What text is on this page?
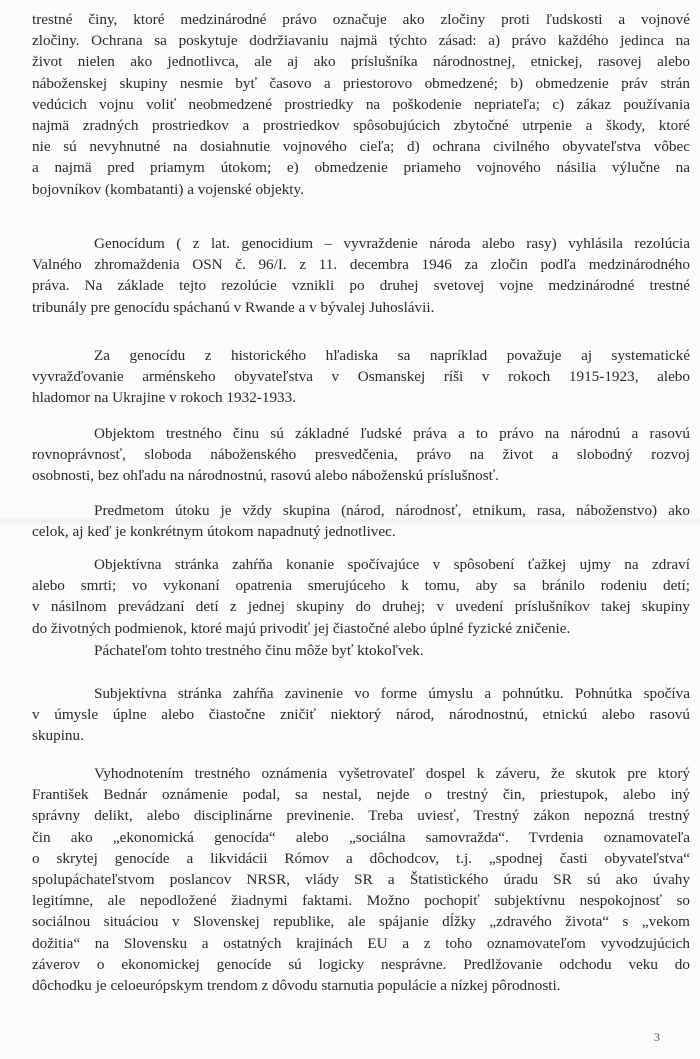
trestné činy, ktoré medzinárodné právo označuje ako zločiny proti ľudskosti a vojnové
zločiny. Ochrana sa poskytuje dodržiavaniu najmä týchto zásad: a) právo každého jedinca na
život nielen ako jednotlivca, ale aj ako príslušníka národnostnej, etnickej, rasovej alebo
náboženskej skupiny nesmie byť časovo a priestorovo obmedzené; b) obmedzenie práv strán
vedúcich vojnu voliť neobmedzené prostriedky na poškodenie nepriateľa; c) zákaz používania
najmä zradných prostriedkov a prostriedkov spôsobujúcich zbytočné utrpenie a škody, ktoré
nie sú nevyhnutné na dosiahnutie vojnového cieľa; d) ochrana civilného obyvateľstva vôbec
a najmä pred priamym útokom; e) obmedzenie priameho vojnového násilia výlučne na
bojovníkov (kombatanti) a vojenské objekty.
Genocídum ( z lat. genocidium – vyvraždenie národa alebo rasy) vyhlásila rezolúcia
Valného zhromaždenia OSN č. 96/I. z 11. decembra 1946 za zločin podľa medzinárodného
práva. Na základe tejto rezolúcie vznikli po druhej svetovej vojne medzinárodné trestné
tribunály pre genocídu spáchanú v Rwande a v bývalej Juhoslávii.
Za genocídu z historického hľadiska sa napríklad považuje aj systematické
vyvražďovanie arménskeho obyvateľstva v Osmanskej ríši v rokoch 1915-1923, alebo
hladomor na Ukrajine v rokoch 1932-1933.
Objektom trestného činu sú základné ľudské práva a to právo na národnú a rasovú
rovnoprávnosť, sloboda náboženského presvedčenia, právo na život a slobodný rozvoj
osobnosti, bez ohľadu na národnostnú, rasovú alebo náboženskú príslušnosť.
Predmetom útoku je vždy skupina (národ, národnosť, etnikum, rasa, náboženstvo) ako
celok, aj keď je konkrétnym útokom napadnutý jednotlivec.
Objektívna stránka zahŕňa konanie spočívajúce v spôsobení ťažkej ujmy na zdraví
alebo smrti; vo vykonaní opatrenia smerujúceho k tomu, aby sa bránilo rodeniu detí;
v násilnom prevádzaní detí z jednej skupiny do druhej; v uvedení príslušníkov takej skupiny
do životných podmienok, ktoré majú privodiť jej čiastočné alebo úplné fyzické zničenie.
Páchateľom tohto trestného činu môže byť ktokoľvek.
Subjektívna stránka zahŕňa zavinenie vo forme úmyslu a pohnútku. Pohnútka spočíva
v úmysle úplne alebo čiastočne zničiť niektorý národ, národnostnú, etnickú alebo rasovú
skupinu.
Vyhodnotením trestného oznámenia vyšetrovateľ dospel k záveru, že skutok pre ktorý
František Bednár oznámenie podal, sa nestal, nejde o trestný čin, priestupok, alebo iný
správny delikt, alebo disciplinárne previnenie. Treba uviesť, Trestný zákon nepozná trestný
čin ako „ekonomická genocída“ alebo „sociálna samovražda“. Tvrdenia oznamovateľa
o skrytej genocíde a likvidácii Rómov a dôchodcov, t.j. „spodnej časti obyvateľstva“
spolupáchateľstvom poslancov NRSR, vlády SR a Štatistického úradu SR sú ako úvahy
legitímne, ale nepodložené žiadnymi faktami. Možno pochopiť subjektívnu nespokojnosť so
sociálnou situáciou v Slovenskej republike, ale spájanie dĺžky „zdravého života“ s „vekom
dožitia“ na Slovensku a ostatných krajinách EU a z toho oznamovateľom vyvodzujúcich
záverov o ekonomickej genocíde sú logicky nesprávne. Predlžovanie odchodu veku do
dôchodku je celoeurópskym trendom z dôvodu starnutia populácie a nízkej pôrodnosti.
3
